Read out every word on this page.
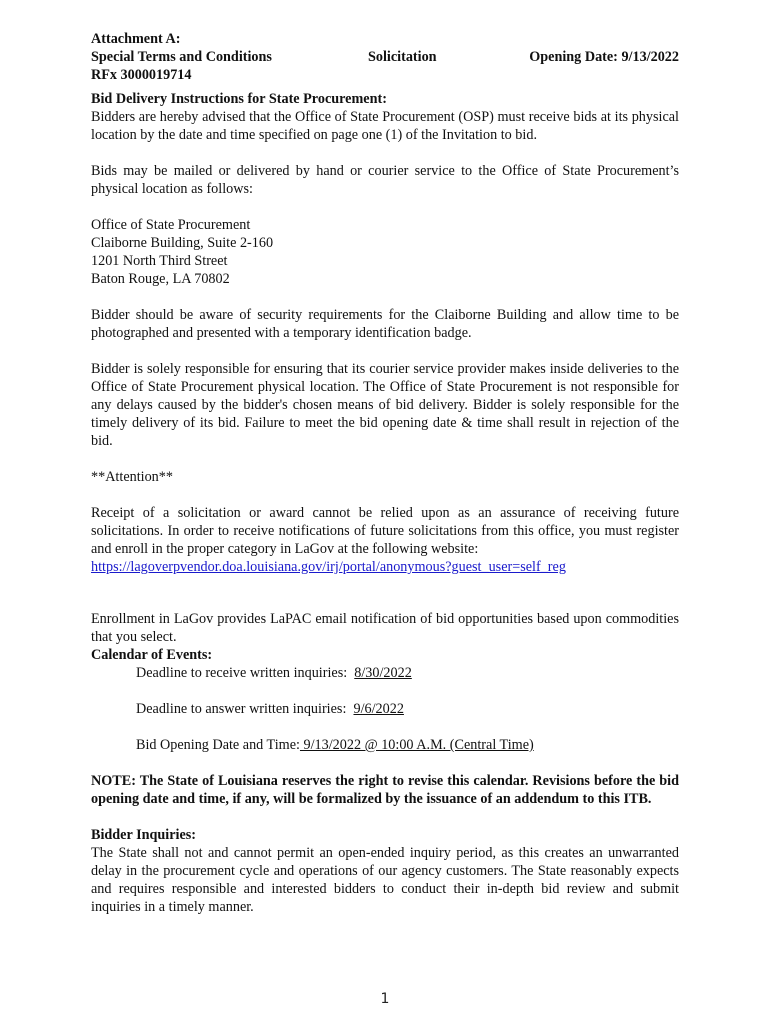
Attachment A:
Special Terms and Conditions	Solicitation	Opening Date: 9/13/2022
RFx 3000019714

Bid Delivery Instructions for State Procurement:

Bidders are hereby advised that the Office of State Procurement (OSP) must receive bids at its physical location by the date and time specified on page one (1) of the Invitation to bid.

Bids may be mailed or delivered by hand or courier service to the Office of State Procurement’s physical location as follows:

Office of State Procurement

Claiborne Building, Suite 2-160

1201 North Third Street

Baton Rouge, LA 70802

Bidder should be aware of security requirements for the Claiborne Building and allow time to be photographed and presented with a temporary identification badge.

Bidder is solely responsible for ensuring that its courier service provider makes inside deliveries to the Office of State Procurement physical location. The Office of State Procurement is not responsible for any delays caused by the bidder's chosen means of bid delivery. Bidder is solely responsible for the timely delivery of its bid. Failure to meet the bid opening date & time shall result in rejection of the bid.

**Attention**

Receipt of a solicitation or award cannot be relied upon as an assurance of receiving future solicitations. In order to receive notifications of future solicitations from this office, you must register and enroll in the proper category in LaGov at the following website:

https://lagoverpvendor.doa.louisiana.gov/irj/portal/anonymous?guest_user=self_reg

Enrollment in LaGov provides LaPAC email notification of bid opportunities based upon commodities that you select.

Calendar of Events:

Deadline to receive written inquiries: 8/30/2022

Deadline to answer written inquiries: 9/6/2022

Bid Opening Date and Time: 9/13/2022 @ 10:00 A.M. (Central Time)

NOTE: The State of Louisiana reserves the right to revise this calendar. Revisions before the bid opening date and time, if any, will be formalized by the issuance of an addendum to this ITB.

Bidder Inquiries:

The State shall not and cannot permit an open-ended inquiry period, as this creates an unwarranted delay in the procurement cycle and operations of our agency customers. The State reasonably expects and requires responsible and interested bidders to conduct their in-depth bid review and submit inquiries in a timely manner.

1
